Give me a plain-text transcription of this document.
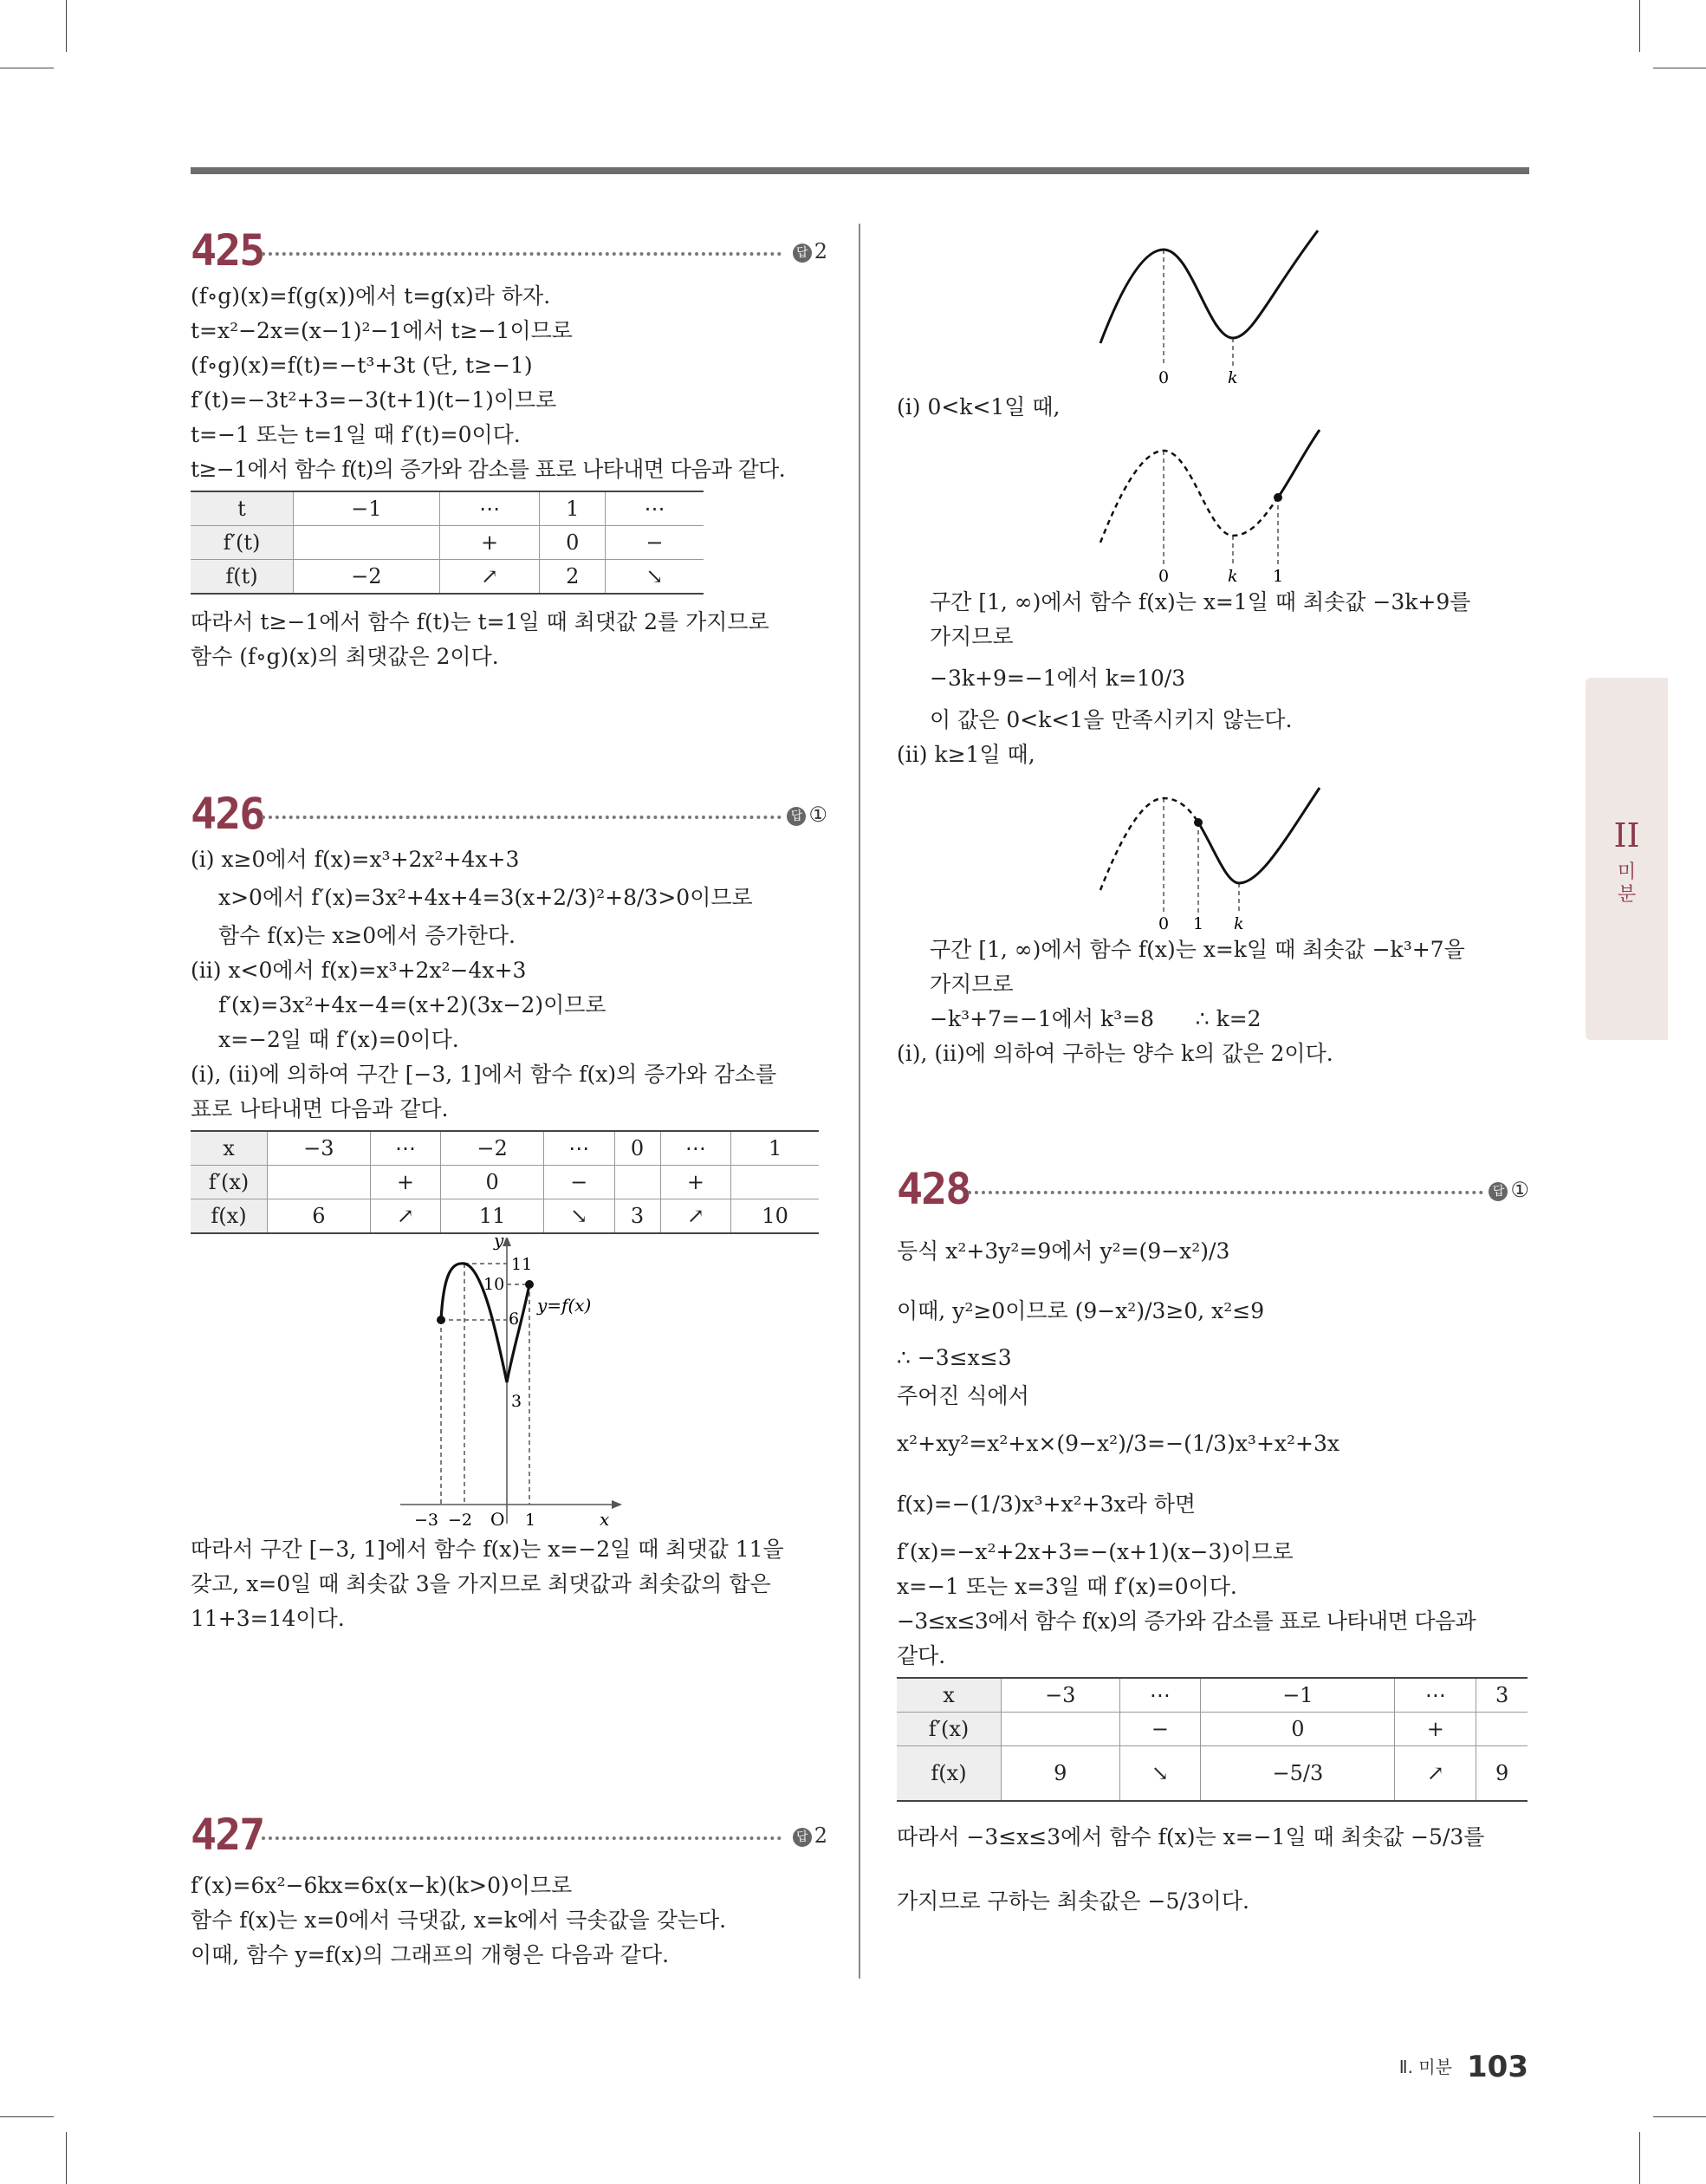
425	답 2
(f∘g)(x)=f(g(x))에서 t=g(x)라 하자.
t=x²−2x=(x−1)²−1에서 t≥−1이므로
(f∘g)(x)=f(t)=−t³+3t (단, t≥−1)
f′(t)=−3t²+3=−3(t+1)(t−1)이므로
t=−1 또는 t=1일 때 f′(t)=0이다.
t≥−1에서 함수 f(t)의 증가와 감소를 표로 나타내면 다음과 같다.
t	−1	⋯	1	⋯
f′(t)		+	0	−
f(t)	−2	↗	2	↘
따라서 t≥−1에서 함수 f(t)는 t=1일 때 최댓값 2를 가지므로
함수 (f∘g)(x)의 최댓값은 2이다.
426	답 ①
(i) x≥0에서 f(x)=x³+2x²+4x+3
x>0에서 f′(x)=3x²+4x+4=3(x+2/3)²+8/3>0이므로
함수 f(x)는 x≥0에서 증가한다.
(ii) x<0에서 f(x)=x³+2x²−4x+3
f′(x)=3x²+4x−4=(x+2)(3x−2)이므로
x=−2일 때 f′(x)=0이다.
(i), (ii)에 의하여 구간 [−3, 1]에서 함수 f(x)의 증가와 감소를
표로 나타내면 다음과 같다.
x	−3	⋯	−2	⋯	0	⋯	1
f′(x)		+	0	−		+	
f(x)	6	↗	11	↘	3	↗	10
y
x
O
11
10
6
3
−3 −2	1
y=f(x)
따라서 구간 [−3, 1]에서 함수 f(x)는 x=−2일 때 최댓값 11을
갖고, x=0일 때 최솟값 3을 가지므로 최댓값과 최솟값의 합은
11+3=14이다.
427	답 2
f′(x)=6x²−6kx=6x(x−k)(k>0)이므로
함수 f(x)는 x=0에서 극댓값, x=k에서 극솟값을 갖는다.
이때, 함수 y=f(x)의 그래프의 개형은 다음과 같다.
0	k
(i) 0<k<1일 때,
0	k 1
구간 [1, ∞)에서 함수 f(x)는 x=1일 때 최솟값 −3k+9를
가지므로
−3k+9=−1에서 k=10/3
이 값은 0<k<1을 만족시키지 않는다.
(ii) k≥1일 때,
0 1 k
구간 [1, ∞)에서 함수 f(x)는 x=k일 때 최솟값 −k³+7을
가지므로
−k³+7=−1에서 k³=8      ∴ k=2
(i), (ii)에 의하여 구하는 양수 k의 값은 2이다.
428	답 ①
등식 x²+3y²=9에서 y²=(9−x²)/3
이때, y²≥0이므로 (9−x²)/3≥0, x²≤9
∴ −3≤x≤3
주어진 식에서
x²+xy²=x²+x×(9−x²)/3=−(1/3)x³+x²+3x
f(x)=−(1/3)x³+x²+3x라 하면
f′(x)=−x²+2x+3=−(x+1)(x−3)이므로
x=−1 또는 x=3일 때 f′(x)=0이다.
−3≤x≤3에서 함수 f(x)의 증가와 감소를 표로 나타내면 다음과
같다.
x	−3	⋯	−1	⋯	3
f′(x)		−	0	+	
f(x)	9	↘	−5/3	↗	9
따라서 −3≤x≤3에서 함수 f(x)는 x=−1일 때 최솟값 −5/3를
가지므로 구하는 최솟값은 −5/3이다.
II
미
분
Ⅱ. 미분 103
